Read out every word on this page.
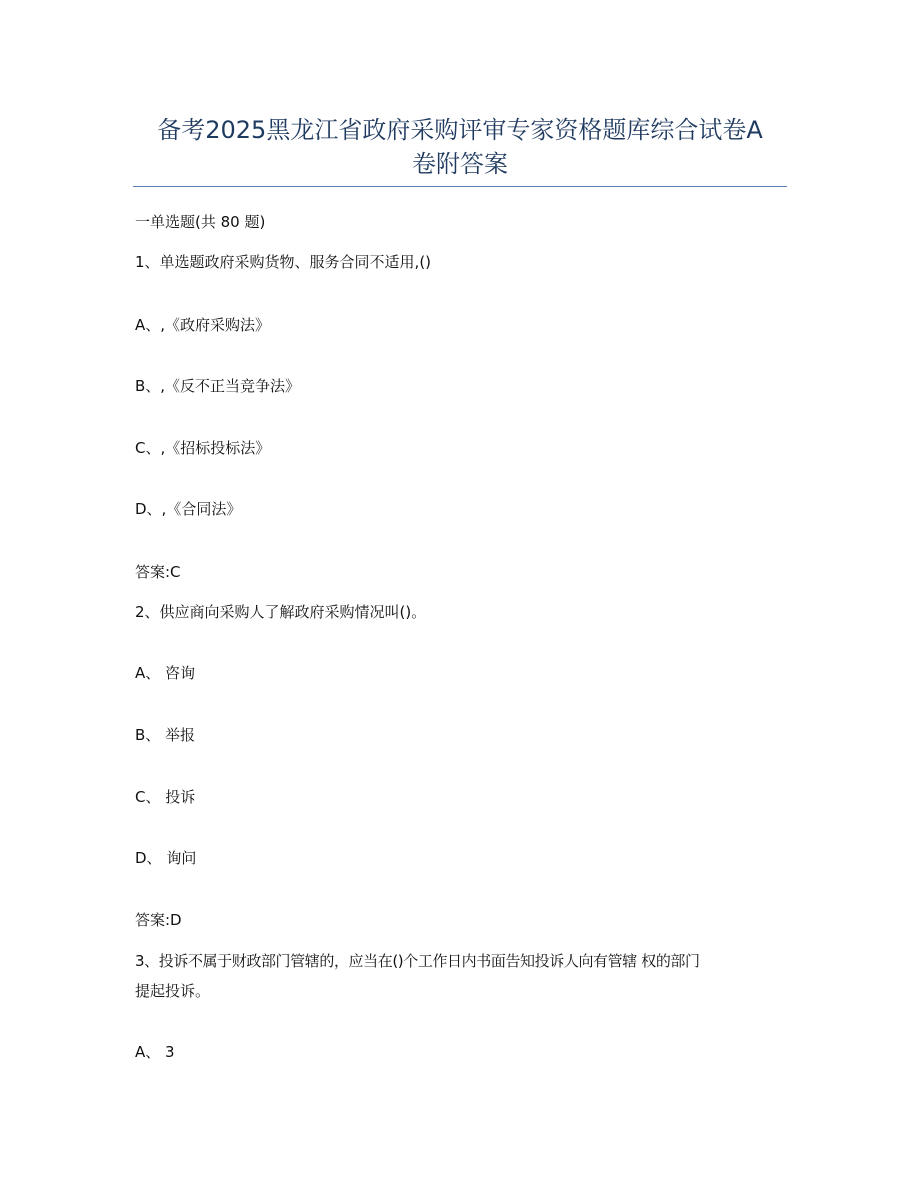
备考2025黑龙江省政府采购评审专家资格题库综合试卷A
卷附答案
一单选题(共 80 题)
1、单选题政府采购货物、服务合同不适用,()
A、,《政府采购法》
B、,《反不正当竞争法》
C、,《招标投标法》
D、,《合同法》
答案:C
2、供应商向采购人了解政府采购情况叫()。
A、 咨询
B、 举报
C、 投诉
D、 询问
答案:D
3、投诉不属于财政部门管辖的，应当在()个工作日内书面告知投诉人向有管辖 权的部门
提起投诉。
A、 3
